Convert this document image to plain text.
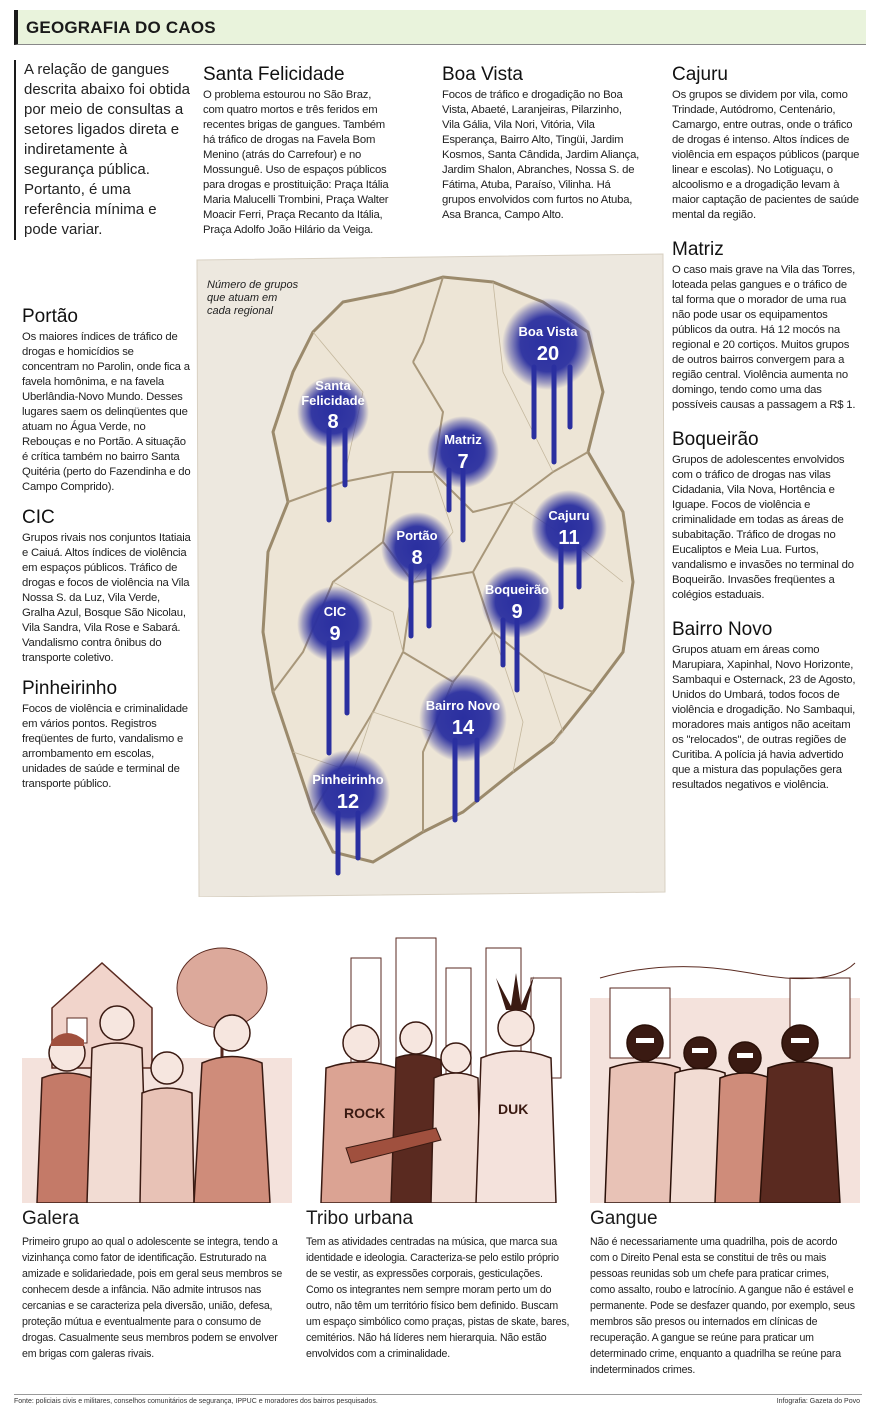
GEOGRAFIA DO CAOS
A relação de gangues descrita abaixo foi obtida por meio de consultas a setores ligados direta e indiretamente à segurança pública. Portanto, é uma referência mínima e pode variar.
Portão

Os maiores índices de tráfico de drogas e homicídios se concentram no Parolin, onde fica a favela homônima, e na favela Uberlândia-Novo Mundo. Desses lugares saem os delinqüentes que atuam no Água Verde, no Rebouças e no Portão. A situação é crítica também no bairro Santa Quitéria (perto do Fazendinha e do Campo Comprido).

CIC

Grupos rivais nos conjuntos Itatiaia e Caiuá. Altos índices de violência em espaços públicos. Tráfico de drogas e focos de violência na Vila Nossa S. da Luz, Vila Verde, Gralha Azul, Bosque São Nicolau, Vila Sandra, Vila Rose e Sabará. Vandalismo contra ônibus do transporte coletivo.

Pinheirinho

Focos de violência e criminalidade em vários pontos. Registros freqüentes de furto, vandalismo e arrombamento em escolas, unidades de saúde e terminal de transporte público.

Santa Felicidade

O problema estourou no São Braz, com quatro mortos e três feridos em recentes brigas de gangues. Também há tráfico de drogas na Favela Bom Menino (atrás do Carrefour) e no Mossunguê. Uso de espaços públicos para drogas e prostituição: Praça Itália Maria Malucelli Trombini, Praça Walter Moacir Ferri, Praça Recanto da Itália, Praça Adolfo João Hilário da Veiga.

Boa Vista

Focos de tráfico e drogadição no Boa Vista, Abaeté, Laranjeiras, Pilarzinho, Vila Gália, Vila Nori, Vitória, Vila Esperança, Bairro Alto, Tingüi, Jardim Kosmos, Santa Cândida, Jardim Aliança, Jardim Shalon, Abranches, Nossa S. de Fátima, Atuba, Paraíso, Vilinha. Há grupos envolvidos com furtos no Atuba, Asa Branca, Campo Alto.

Cajuru

Os grupos se dividem por vila, como Trindade, Autódromo, Centenário, Camargo, entre outras, onde o tráfico de drogas é intenso. Altos índices de violência em espaços públicos (parque linear e escolas). No Lotiguaçu, o alcoolismo e a drogadição levam à maior captação de pacientes de saúde mental da região.

Matriz

O caso mais grave na Vila das Torres, loteada pelas gangues e o tráfico de tal forma que o morador de uma rua não pode usar os equipamentos públicos da outra. Há 12 mocós na regional e 20 cortiços. Muitos grupos de outros bairros convergem para a região central. Violência aumenta no domingo, tendo como uma das possíveis causas a passagem a R$ 1.

Boqueirão

Grupos de adolescentes envolvidos com o tráfico de drogas nas vilas Cidadania, Vila Nova, Hortência e Iguape. Focos de violência e criminalidade em todas as áreas de subabitação. Tráfico de drogas no Eucaliptos e Meia Lua. Furtos, vandalismo e invasões no terminal do Boqueirão. Invasões freqüentes a colégios estaduais.

Bairro Novo

Grupos atuam em áreas como Marupiara, Xapinhal, Novo Horizonte, Sambaqui e Osternack, 23 de Agosto, Unidos do Umbará, todos focos de violência e drogadição. No Sambaqui, moradores mais antigos não aceitam os "relocados", de outras regiões de Curitiba. A polícia já havia advertido que a mistura das populações gera resultados negativos e violência.

Número de grupos que atuam em cada regional
Boa Vista
20
Santa
Felicidade
8
Matriz
7
Cajuru
11
Portão
8
Boqueirão
9
CIC
9
Bairro Novo
14
Pinheirinho
12
ROCK	DUK
Galera

Primeiro grupo ao qual o adolescente se integra, tendo a vizinhança como fator de identificação. Estruturado na amizade e solidariedade, pois em geral seus membros se conhecem desde a infância. Não admite intrusos nas cercanias e se caracteriza pela diversão, união, defesa, proteção mútua e eventualmente para o consumo de drogas. Casualmente seus membros podem se envolver em brigas com galeras rivais.

Tribo urbana

Tem as atividades centradas na música, que marca sua identidade e ideologia. Caracteriza-se pelo estilo próprio de se vestir, as expressões corporais, gesticulações. Como os integrantes nem sempre moram perto um do outro, não têm um território físico bem definido. Buscam um espaço simbólico como praças, pistas de skate, bares, cemitérios. Não há líderes nem hierarquia. Não estão envolvidos com a criminalidade.

Gangue

Não é necessariamente uma quadrilha, pois de acordo com o Direito Penal esta se constitui de três ou mais pessoas reunidas sob um chefe para praticar crimes, como assalto, roubo e latrocínio. A gangue não é estável e permanente. Pode se desfazer quando, por exemplo, seus membros são presos ou internados em clínicas de recuperação. A gangue se reúne para praticar um determinado crime, enquanto a quadrilha se reúne para indeterminados crimes.

Fonte: policiais civis e militares, conselhos comunitários de segurança, IPPUC e moradores dos bairros pesquisados.	Infografia: Gazeta do Povo
